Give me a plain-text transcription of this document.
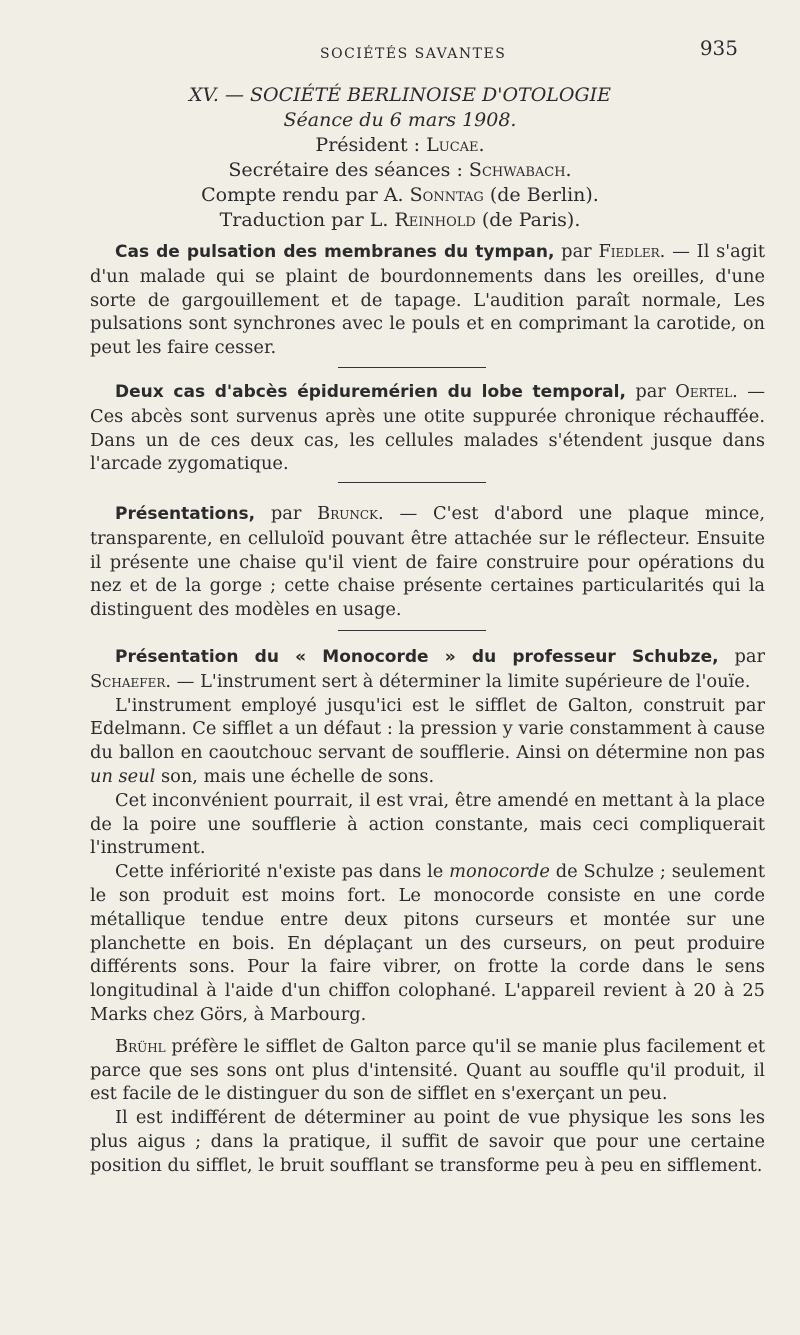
SOCIÉTÉS SAVANTES	935
XV. — SOCIÉTÉ BERLINOISE D'OTOLOGIE
Séance du 6 mars 1908.
Président : Lucae.
Secrétaire des séances : Schwabach.
Compte rendu par A. Sonntag (de Berlin).
Traduction par L. Reinhold (de Paris).

Cas de pulsation des membranes du tympan, par Fiedler. — Il s'agit d'un malade qui se plaint de bourdonnements dans les oreilles, d'une sorte de gargouillement et de tapage. L'audition paraît normale, Les pulsations sont synchrones avec le pouls et en comprimant la carotide, on peut les faire cesser.

Deux cas d'abcès épiduremérien du lobe temporal, par Oertel. — Ces abcès sont survenus après une otite suppurée chronique réchauffée. Dans un de ces deux cas, les cellules malades s'étendent jusque dans l'arcade zygomatique.

Présentations, par Brunck. — C'est d'abord une plaque mince, transparente, en celluloïd pouvant être attachée sur le réflecteur. Ensuite il présente une chaise qu'il vient de faire construire pour opérations du nez et de la gorge ; cette chaise présente certaines particularités qui la distinguent des modèles en usage.

Présentation du « Monocorde » du professeur Schubze, par Schaefer. — L'instrument sert à déterminer la limite supérieure de l'ouïe.

L'instrument employé jusqu'ici est le sifflet de Galton, construit par Edelmann. Ce sifflet a un défaut : la pression y varie constamment à cause du ballon en caoutchouc servant de soufflerie. Ainsi on détermine non pas un seul son, mais une échelle de sons.

Cet inconvénient pourrait, il est vrai, être amendé en mettant à la place de la poire une soufflerie à action constante, mais ceci compliquerait l'instrument.

Cette infériorité n'existe pas dans le monocorde de Schulze ; seulement le son produit est moins fort. Le monocorde consiste en une corde métallique tendue entre deux pitons curseurs et montée sur une planchette en bois. En déplaçant un des curseurs, on peut produire différents sons. Pour la faire vibrer, on frotte la corde dans le sens longitudinal à l'aide d'un chiffon colophané. L'appareil revient à 20 à 25 Marks chez Görs, à Marbourg.

Brühl préfère le sifflet de Galton parce qu'il se manie plus facilement et parce que ses sons ont plus d'intensité. Quant au souffle qu'il produit, il est facile de le distinguer du son de sifflet en s'exerçant un peu.

Il est indifférent de déterminer au point de vue physique les sons les plus aigus ; dans la pratique, il suffit de savoir que pour une certaine position du sifflet, le bruit soufflant se transforme peu à peu en sifflement.
